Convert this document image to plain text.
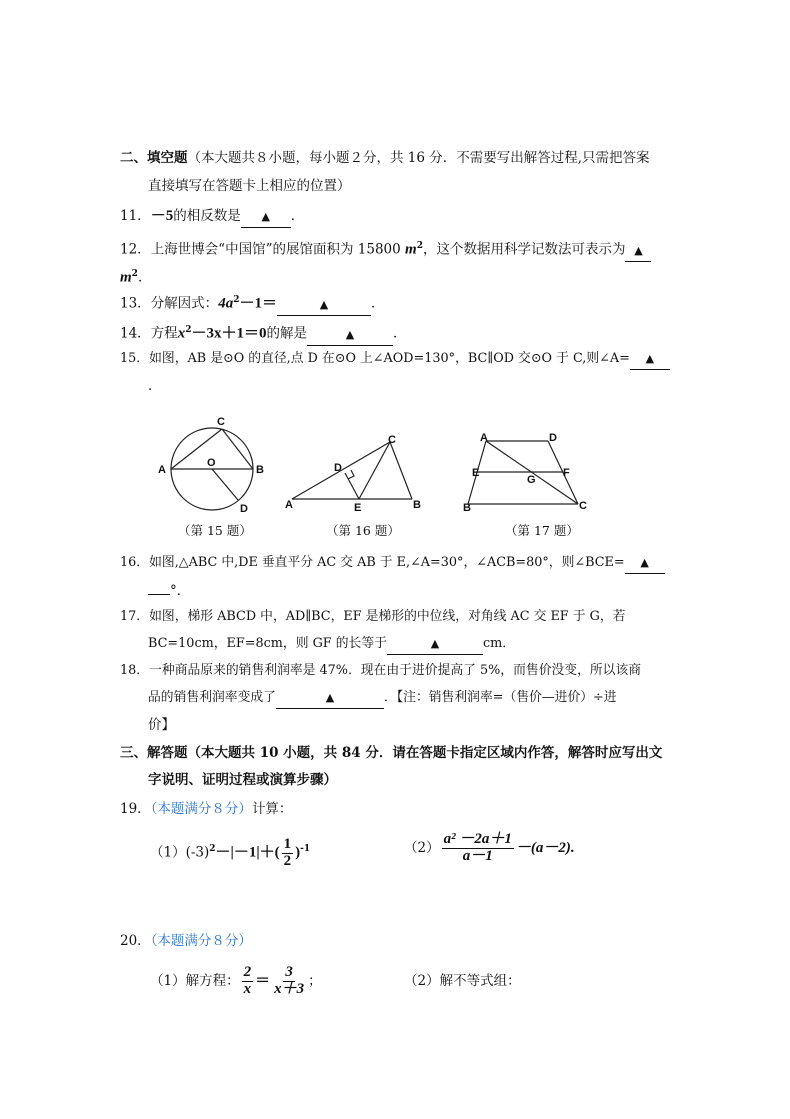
二、填空题（本大题共８小题，每小题２分，共 16 分．不需要写出解答过程,只需把答案
直接填写在答题卡上相应的位置）
11．－5的相反数是 ▲ ．
12．上海世博会“中国馆”的展馆面积为 15800 $m^2$，这个数据用科学记数法可表示为 ▲
$m^2$．
13．分解因式：$4a^2-1=$	▲	．
14．方程$x^2-3x+1=0$的解是	▲	．
15．如图，AB 是⊙O 的直径,点 D 在⊙O 上∠AOD=130°，BC∥OD 交⊙O 于 C,则∠A= ▲
．
C
A
O
B
D
C
D
A	E	B
A	D
E	F
G
B	C
（第 15 题）	（第 16 题）	（第 17 题）
16．如图,△ABC 中,DE 垂直平分 AC 交 AB 于 E,∠A=30°，∠ACB=80°，则∠BCE= ▲
°．
17．如图，梯形 ABCD 中，AD∥BC，EF 是梯形的中位线，对角线 AC 交 EF 于 G，若
BC=10cm，EF=8cm，则 GF 的长等于	▲	cm．
18．一种商品原来的销售利润率是 47%．现在由于进价提高了 5%，而售价没变，所以该商
品的销售利润率变成了	▲	．【注：销售利润率=（售价—进价）÷进
价】
三、解答题（本大题共 10 小题，共 84 分．请在答题卡指定区域内作答，解答时应写出文
字说明、证明过程或演算步骤）
19．（本题满分８分）计算：
$(1)(-3)^2-|-1|+( \frac{1}{2} )^{-1}$	$(2) \frac{\text{a² －2a＋1}}{a-1} -(a-2)$.
20．（本题满分８分）
（1）解方程： $\frac{2}{x} = \frac{3}{x+3}$ ；	（2）解不等式组：
